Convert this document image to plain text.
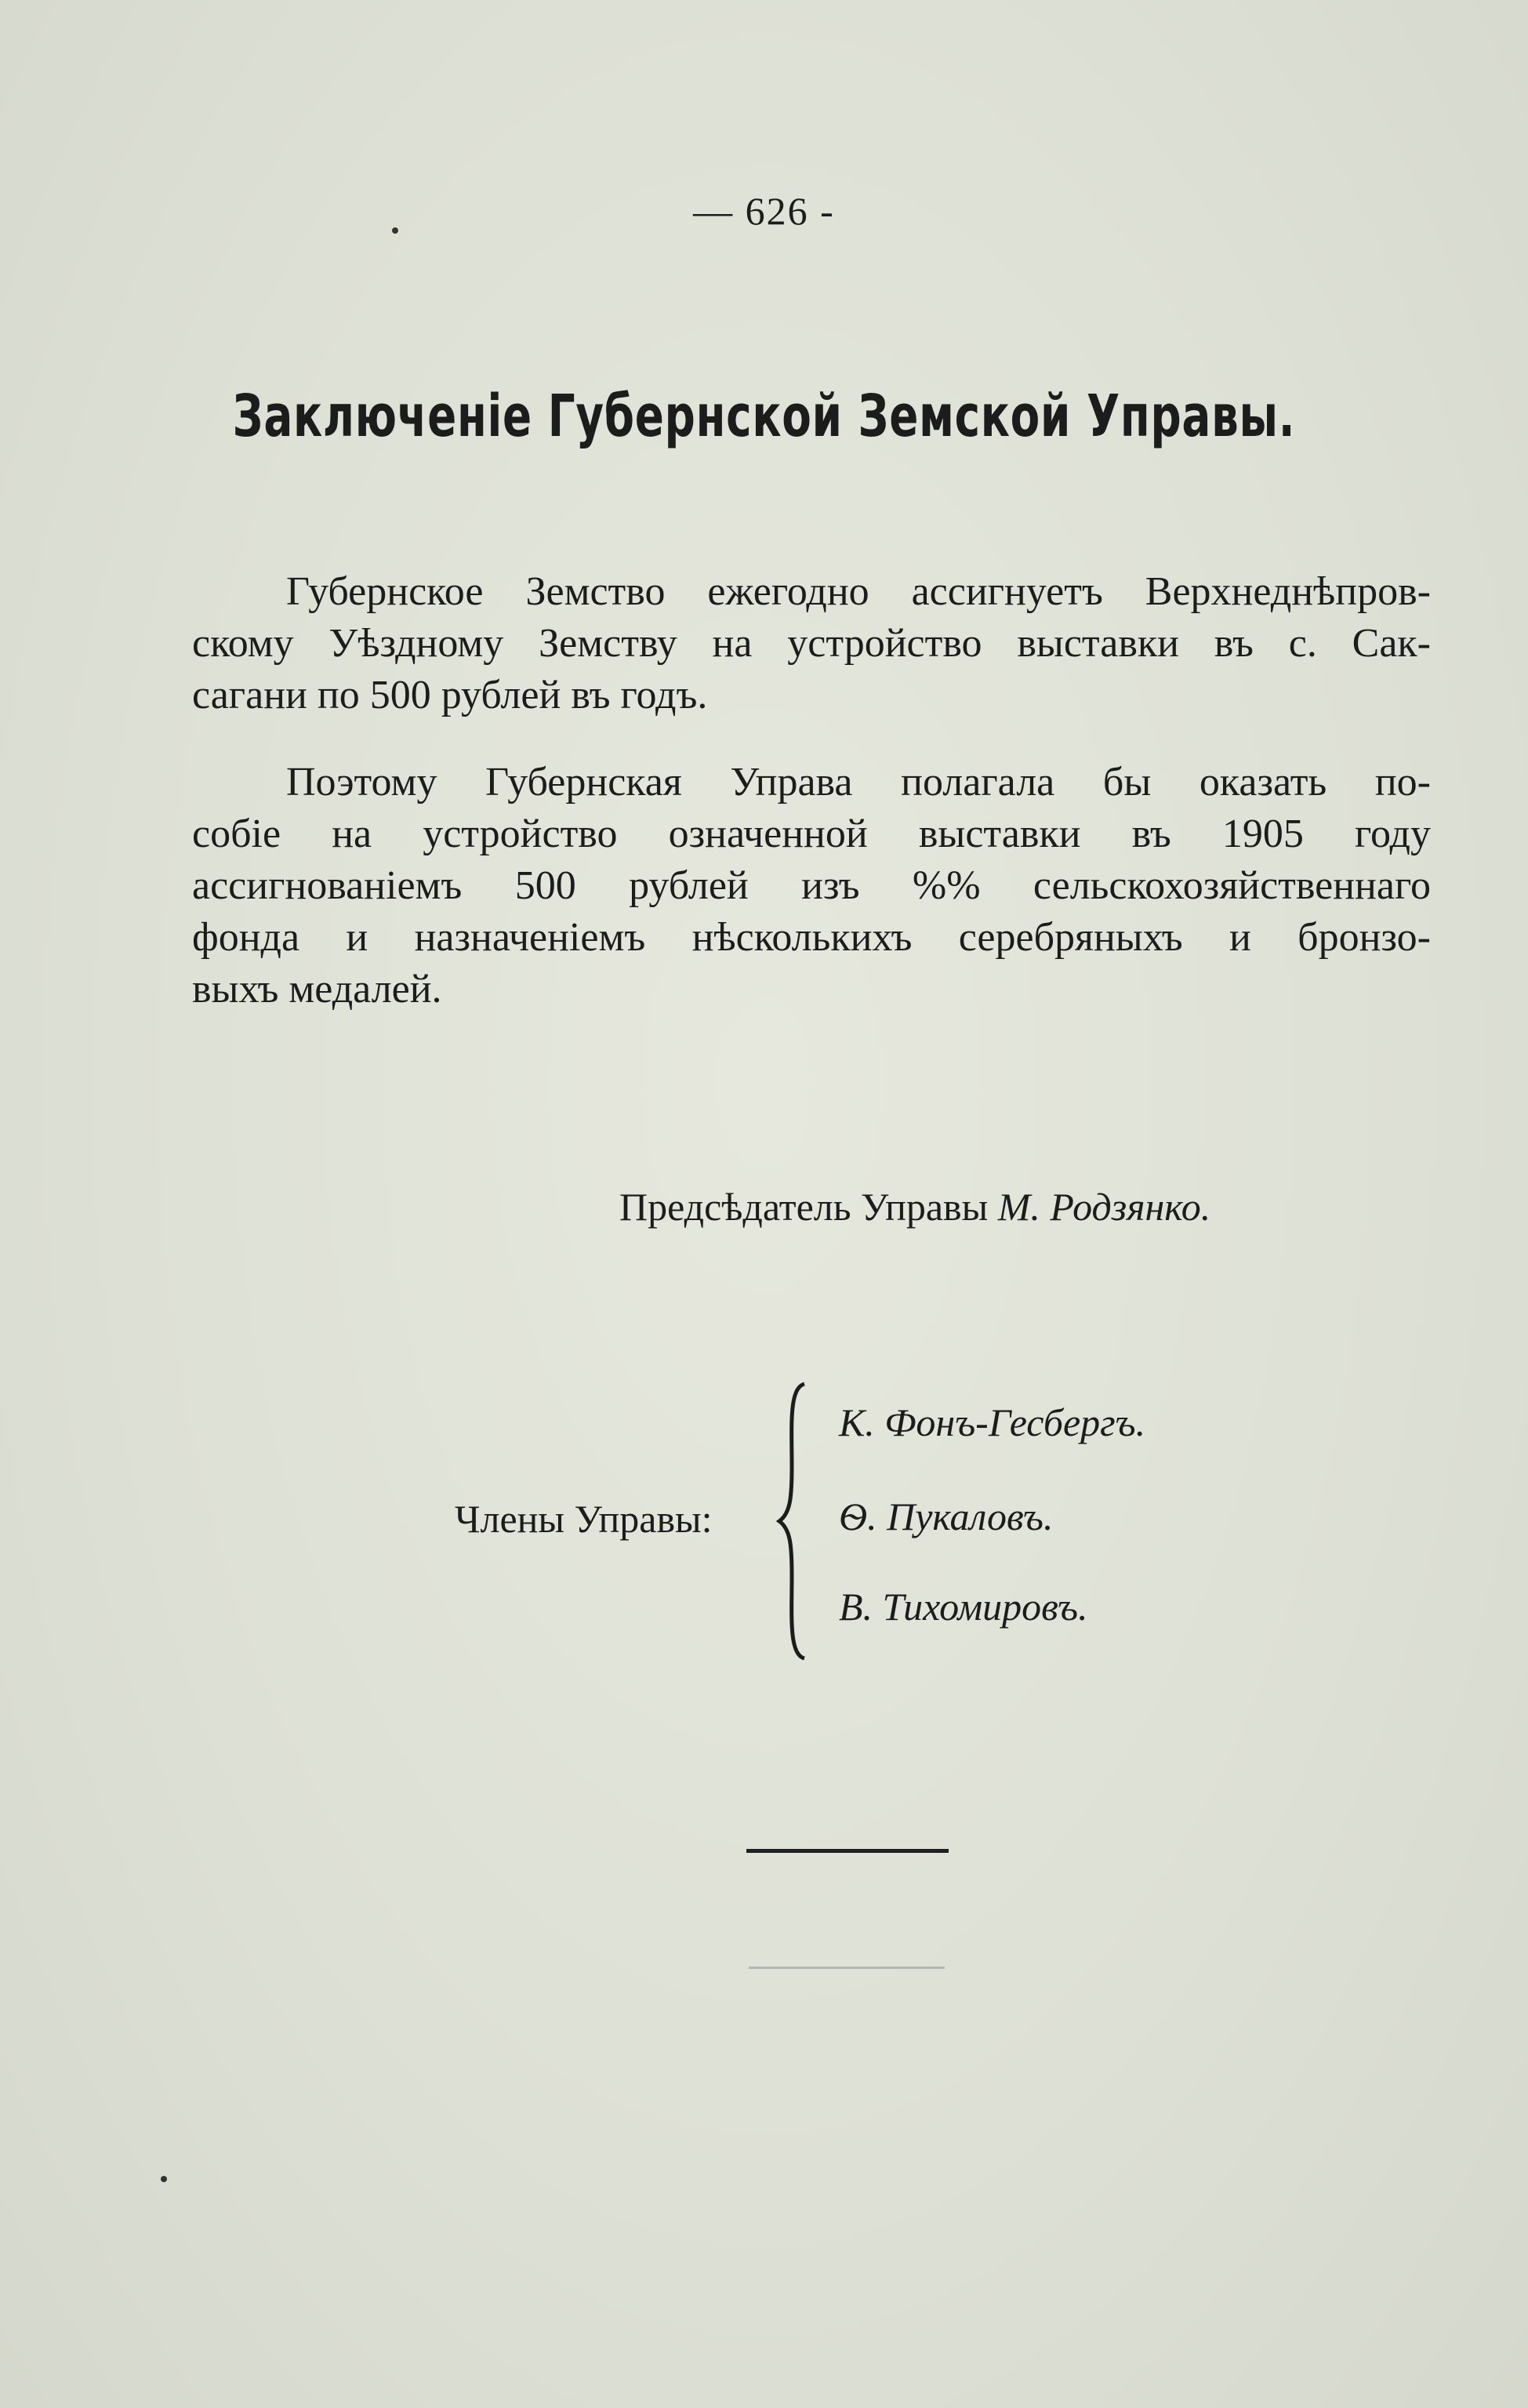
— 626 -
Заключеніе Губернской Земской Управы.
Губернское Земство ежегодно ассигнуетъ Верхнеднѣпров-
скому Уѣздному Земству на устройство выставки въ с. Сак-
сагани по 500 рублей въ годъ.
Поэтому Губернская Управа полагала бы оказать по-
собіе на устройство означенной выставки въ 1905 году
ассигнованіемъ 500 рублей изъ %% сельскохозяйственнаго
фонда и назначеніемъ нѣсколькихъ серебряныхъ и бронзо-
выхъ медалей.
Предсѣдатель Управы М. Родзянко.
Члены Управы:
К. Фонъ-Гесбергъ.
Ѳ. Пукаловъ.
В. Тихомировъ.
